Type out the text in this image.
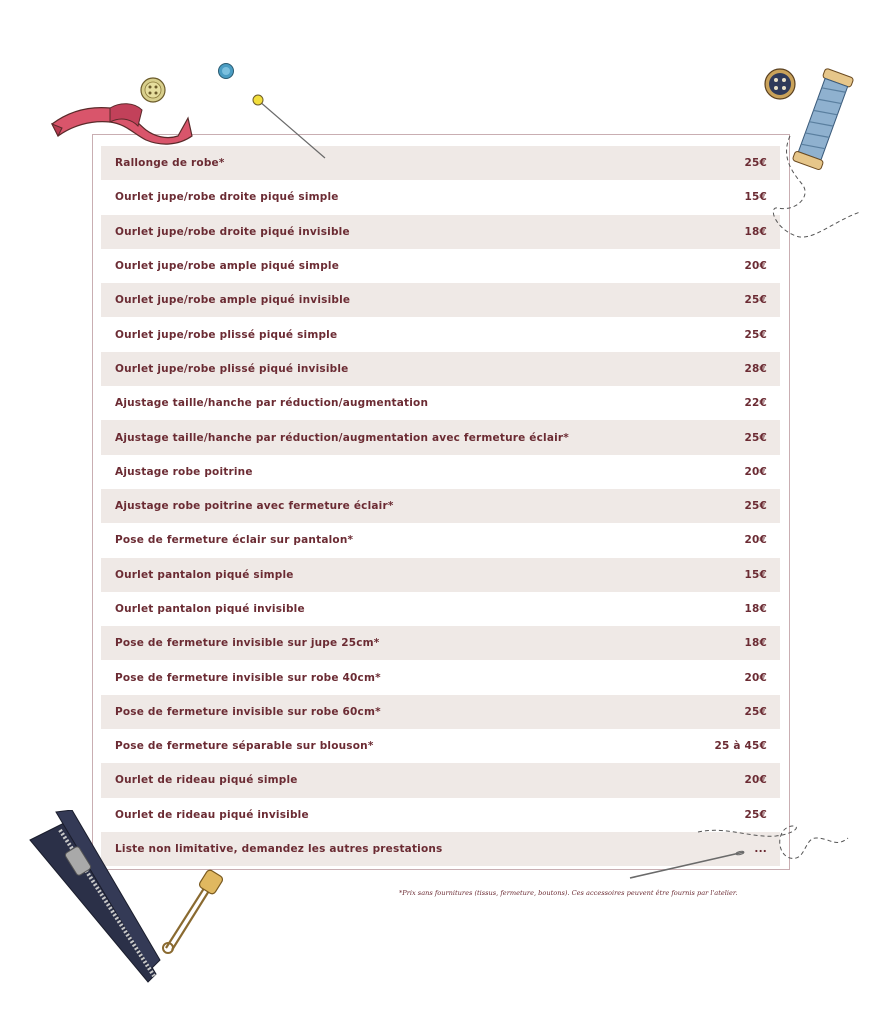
Rallonge de robe*	25€
Ourlet jupe/robe droite piqué simple	15€
Ourlet jupe/robe droite piqué invisible	18€
Ourlet jupe/robe ample piqué simple	20€
Ourlet jupe/robe ample piqué invisible	25€
Ourlet jupe/robe plissé piqué simple	25€
Ourlet jupe/robe plissé piqué invisible	28€
Ajustage taille/hanche par réduction/augmentation	22€
Ajustage taille/hanche par réduction/augmentation avec fermeture éclair*	25€
Ajustage robe poitrine	20€
Ajustage robe poitrine avec fermeture éclair*	25€
Pose de fermeture éclair sur pantalon*	20€
Ourlet pantalon piqué simple	15€
Ourlet pantalon piqué invisible	18€
Pose de fermeture invisible sur jupe 25cm*	18€
Pose de fermeture invisible sur robe 40cm*	20€
Pose de fermeture invisible sur robe 60cm*	25€
Pose de fermeture séparable sur blouson*	25 à 45€
Ourlet de rideau piqué simple	20€
Ourlet de rideau piqué invisible	25€
Liste non limitative, demandez les autres prestations	...
*Prix sans fournitures (tissus, fermeture, boutons). Ces accessoires peuvent être fournis par l'atelier.
